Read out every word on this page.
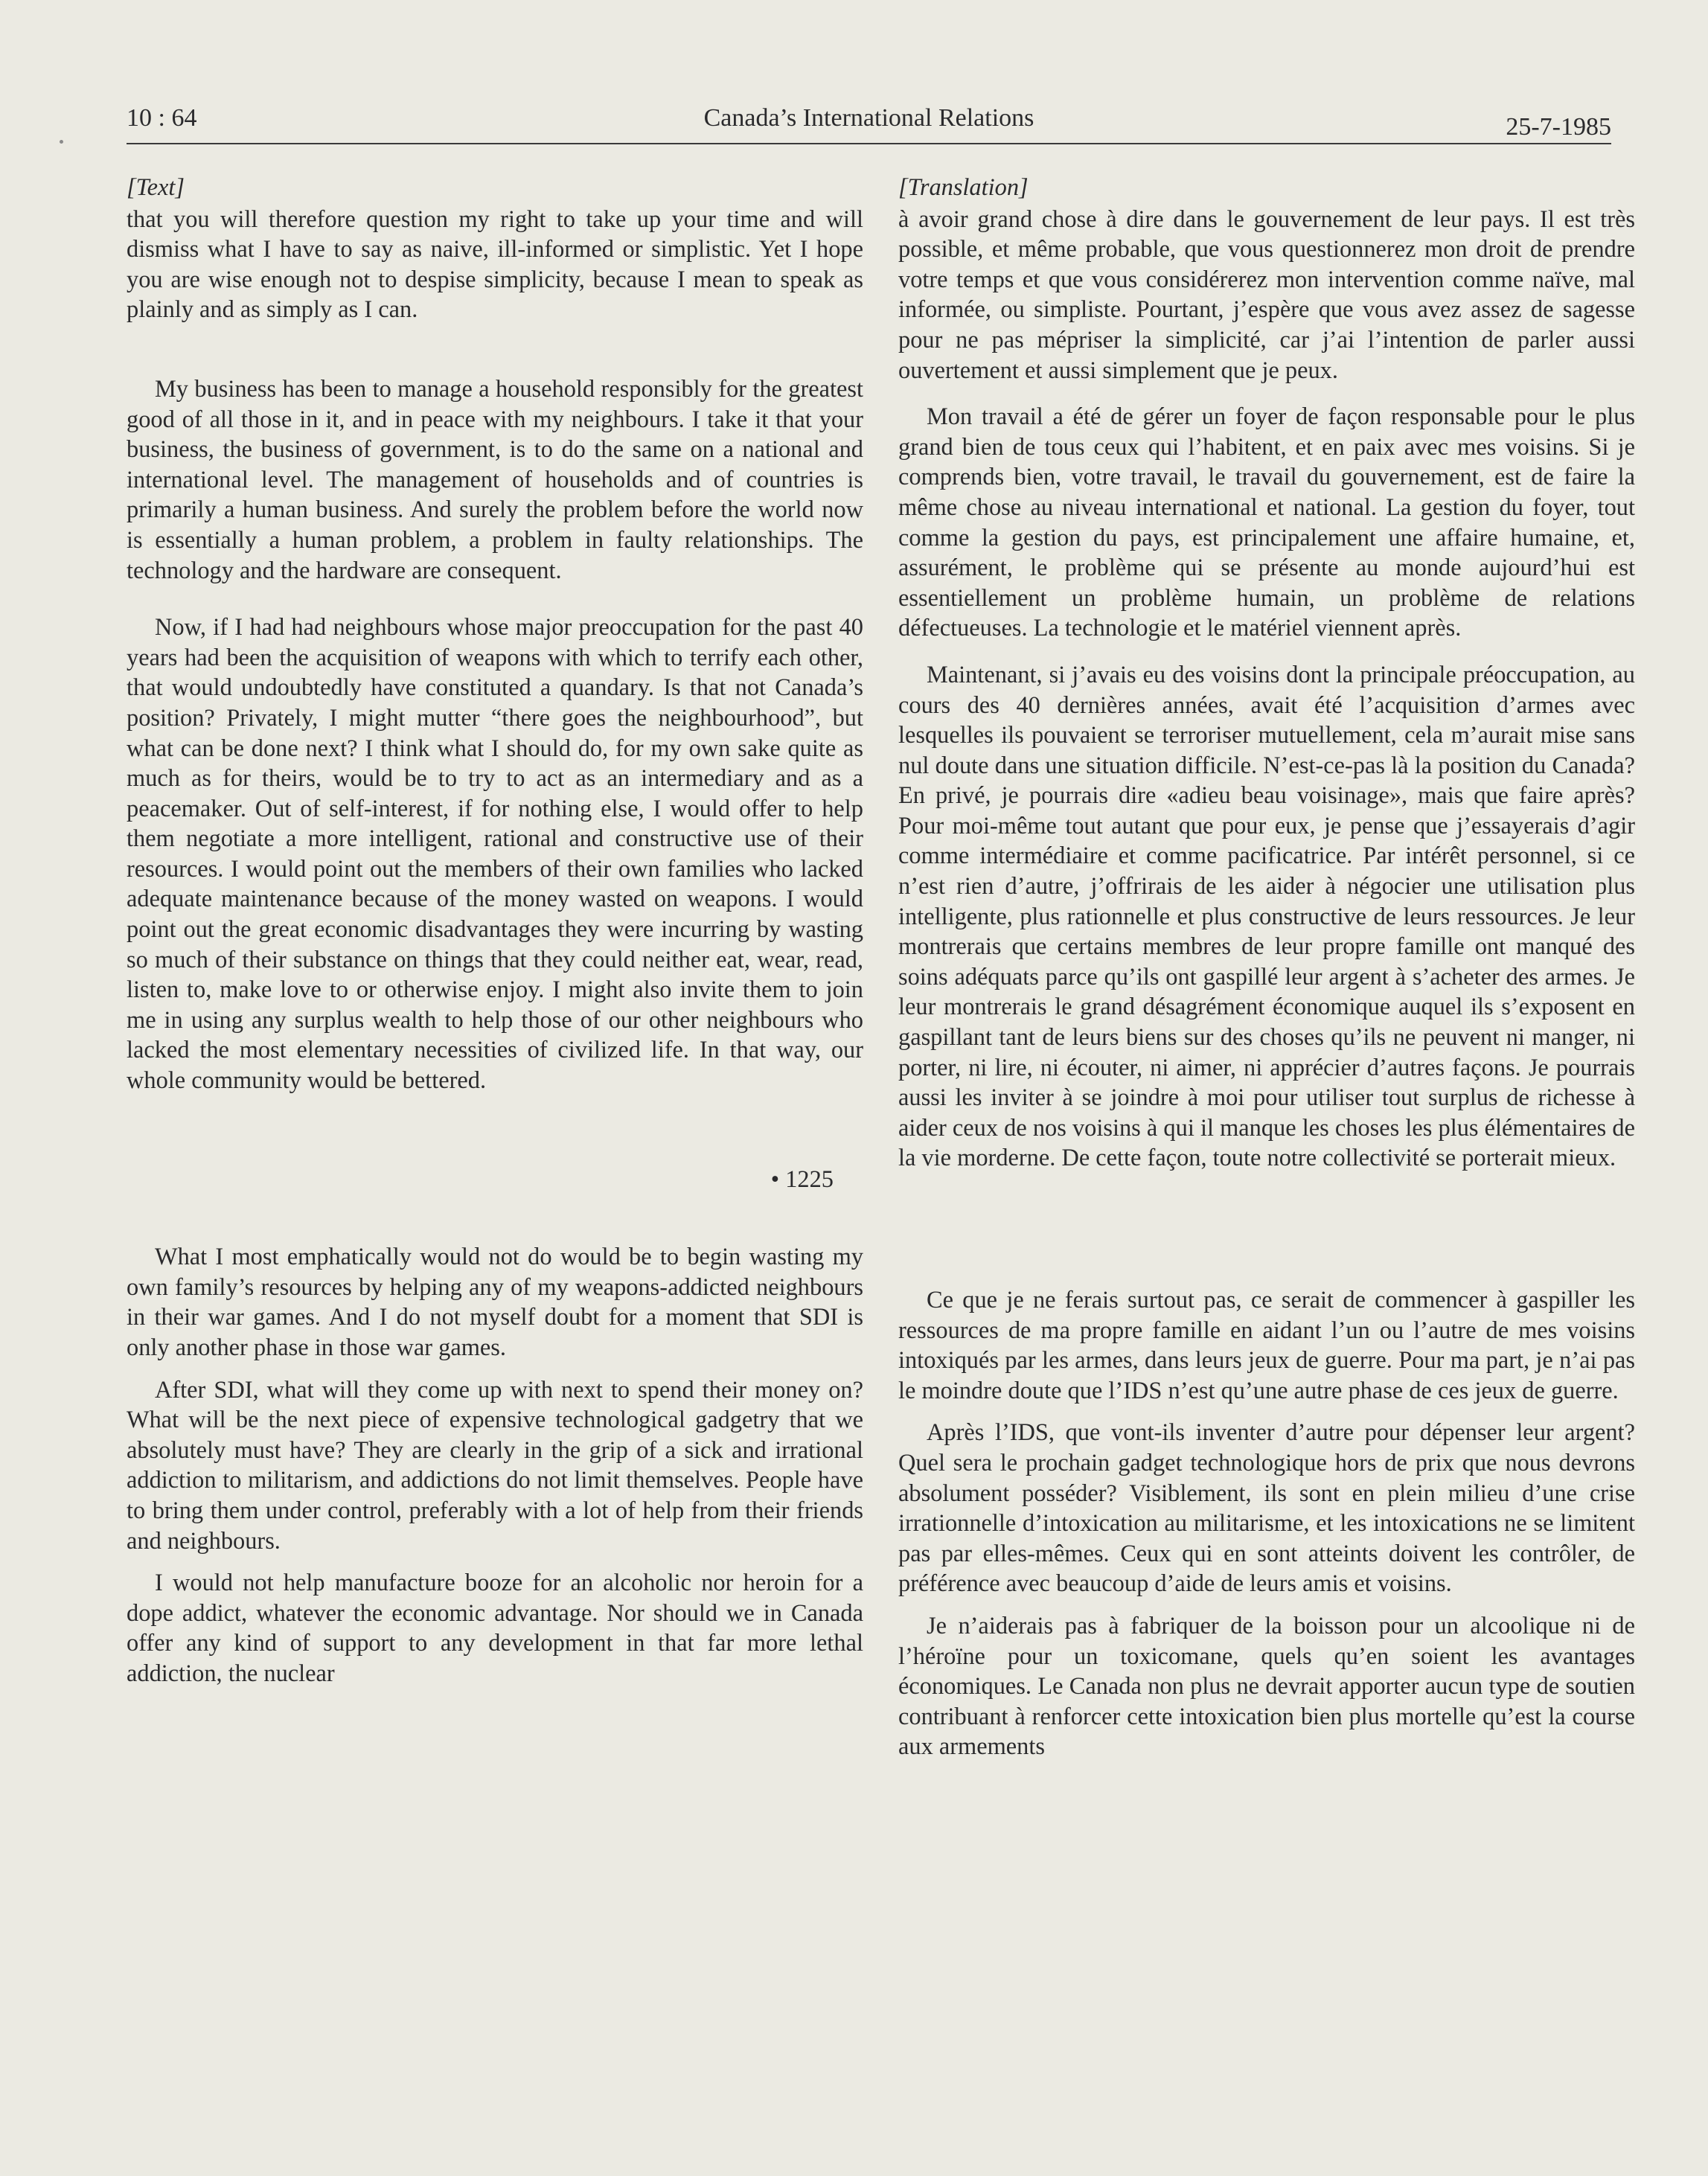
10 : 64	Canada’s International Relations	25-7-1985
[Text]

that you will therefore question my right to take up your time and will dismiss what I have to say as naive, ill-informed or simplistic. Yet I hope you are wise enough not to despise simplicity, because I mean to speak as plainly and as simply as I can.

My business has been to manage a household responsibly for the greatest good of all those in it, and in peace with my neighbours. I take it that your business, the business of government, is to do the same on a national and international level. The management of households and of countries is primarily a human business. And surely the problem before the world now is essentially a human problem, a problem in faulty relationships. The technology and the hardware are consequent.

Now, if I had had neighbours whose major preoccupation for the past 40 years had been the acquisition of weapons with which to terrify each other, that would undoubtedly have constituted a quandary. Is that not Canada’s position? Privately, I might mutter “there goes the neighbourhood”, but what can be done next? I think what I should do, for my own sake quite as much as for theirs, would be to try to act as an intermediary and as a peacemaker. Out of self-interest, if for nothing else, I would offer to help them negotiate a more intelligent, rational and constructive use of their resources. I would point out the members of their own families who lacked adequate maintenance because of the money wasted on weapons. I would point out the great economic disadvantages they were incurring by wasting so much of their substance on things that they could neither eat, wear, read, listen to, make love to or otherwise enjoy. I might also invite them to join me in using any surplus wealth to help those of our other neighbours who lacked the most elementary necessities of civilized life. In that way, our whole community would be bettered.

• 1225

What I most emphatically would not do would be to begin wasting my own family’s resources by helping any of my weapons-addicted neighbours in their war games. And I do not myself doubt for a moment that SDI is only another phase in those war games.

After SDI, what will they come up with next to spend their money on? What will be the next piece of expensive technological gadgetry that we absolutely must have? They are clearly in the grip of a sick and irrational addiction to militarism, and addictions do not limit themselves. People have to bring them under control, preferably with a lot of help from their friends and neighbours.

I would not help manufacture booze for an alcoholic nor heroin for a dope addict, whatever the economic advantage. Nor should we in Canada offer any kind of support to any development in that far more lethal addiction, the nuclear

[Translation]

à avoir grand chose à dire dans le gouvernement de leur pays. Il est très possible, et même probable, que vous questionnerez mon droit de prendre votre temps et que vous considérerez mon intervention comme naïve, mal informée, ou simpliste. Pourtant, j’espère que vous avez assez de sagesse pour ne pas mépriser la simplicité, car j’ai l’intention de parler aussi ouvertement et aussi simplement que je peux.

Mon travail a été de gérer un foyer de façon responsable pour le plus grand bien de tous ceux qui l’habitent, et en paix avec mes voisins. Si je comprends bien, votre travail, le travail du gouvernement, est de faire la même chose au niveau international et national. La gestion du foyer, tout comme la gestion du pays, est principalement une affaire humaine, et, assurément, le problème qui se présente au monde aujourd’hui est essentiellement un problème humain, un problème de relations défectueuses. La technologie et le matériel viennent après.

Maintenant, si j’avais eu des voisins dont la principale préoccupation, au cours des 40 dernières années, avait été l’acquisition d’armes avec lesquelles ils pouvaient se terroriser mutuellement, cela m’aurait mise sans nul doute dans une situation difficile. N’est-ce-pas là la position du Canada? En privé, je pourrais dire «adieu beau voisinage», mais que faire après? Pour moi-même tout autant que pour eux, je pense que j’essayerais d’agir comme intermédiaire et comme pacificatrice. Par intérêt personnel, si ce n’est rien d’autre, j’offrirais de les aider à négocier une utilisation plus intelligente, plus rationnelle et plus constructive de leurs ressources. Je leur montrerais que certains membres de leur propre famille ont manqué des soins adéquats parce qu’ils ont gaspillé leur argent à s’acheter des armes. Je leur montrerais le grand désagrément économique auquel ils s’exposent en gaspillant tant de leurs biens sur des choses qu’ils ne peuvent ni manger, ni porter, ni lire, ni écouter, ni aimer, ni apprécier d’autres façons. Je pourrais aussi les inviter à se joindre à moi pour utiliser tout surplus de richesse à aider ceux de nos voisins à qui il manque les choses les plus élémentaires de la vie morderne. De cette façon, toute notre collectivité se porterait mieux.

Ce que je ne ferais surtout pas, ce serait de commencer à gaspiller les ressources de ma propre famille en aidant l’un ou l’autre de mes voisins intoxiqués par les armes, dans leurs jeux de guerre. Pour ma part, je n’ai pas le moindre doute que l’IDS n’est qu’une autre phase de ces jeux de guerre.

Après l’IDS, que vont-ils inventer d’autre pour dépenser leur argent? Quel sera le prochain gadget technologique hors de prix que nous devrons absolument posséder? Visiblement, ils sont en plein milieu d’une crise irrationnelle d’intoxication au militarisme, et les intoxications ne se limitent pas par elles-mêmes. Ceux qui en sont atteints doivent les contrôler, de préférence avec beaucoup d’aide de leurs amis et voisins.

Je n’aiderais pas à fabriquer de la boisson pour un alcoolique ni de l’héroïne pour un toxicomane, quels qu’en soient les avantages économiques. Le Canada non plus ne devrait apporter aucun type de soutien contribuant à renforcer cette intoxication bien plus mortelle qu’est la course aux armements
